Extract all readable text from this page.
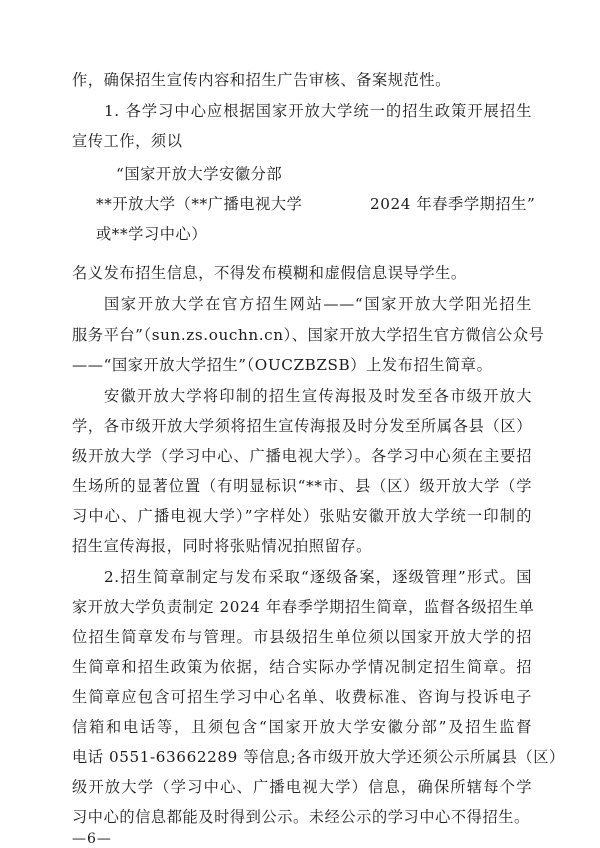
作，确保招生宣传内容和招生广告审核、备案规范性。
1. 各学习中心应根据国家开放大学统一的招生政策开展招生
宣传工作，须以
“国家开放大学安徽分部
**开放大学（**广播电视大学
或**学习中心）
2024 年春季学期招生”
名义发布招生信息，不得发布模糊和虚假信息误导学生。
国家开放大学在官方招生网站——“国家开放大学阳光招生
服务平台”（sun.zs.ouchn.cn）、国家开放大学招生官方微信公众号
——“国家开放大学招生”（OUCZBZSB）上发布招生简章。
安徽开放大学将印制的招生宣传海报及时发至各市级开放大
学，各市级开放大学须将招生宣传海报及时分发至所属各县（区）
级开放大学（学习中心、广播电视大学）。各学习中心须在主要招
生场所的显著位置（有明显标识“**市、县（区）级开放大学（学
习中心、广播电视大学）”字样处）张贴安徽开放大学统一印制的
招生宣传海报，同时将张贴情况拍照留存。
2.招生简章制定与发布采取“逐级备案，逐级管理”形式。国
家开放大学负责制定 2024 年春季学期招生简章，监督各级招生单
位招生简章发布与管理。市县级招生单位须以国家开放大学的招
生简章和招生政策为依据，结合实际办学情况制定招生简章。招
生简章应包含可招生学习中心名单、收费标准、咨询与投诉电子
信箱和电话等，且须包含“国家开放大学安徽分部”及招生监督
电话 0551-63662289 等信息;各市级开放大学还须公示所属县（区）
级开放大学（学习中心、广播电视大学）信息，确保所辖每个学
习中心的信息都能及时得到公示。未经公示的学习中心不得招生。
—6—
